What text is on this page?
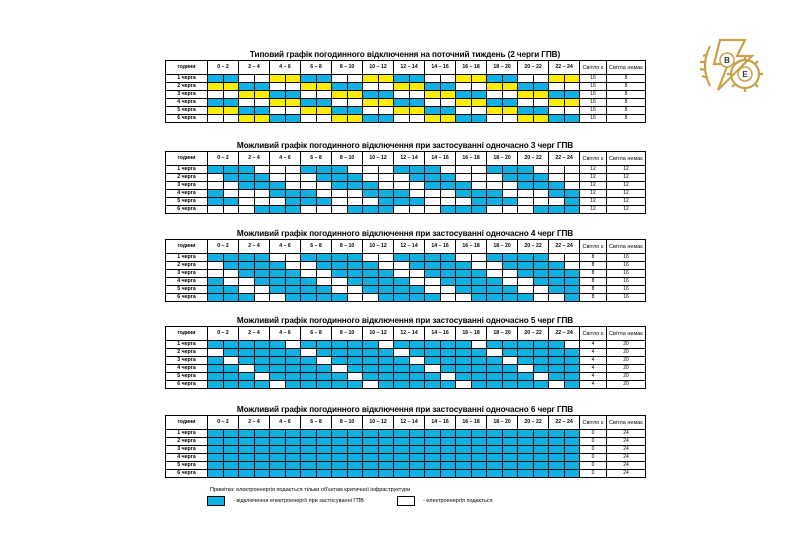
В
Е
Типовий графік погодинного відключення на поточний тиждень (2 черги ГПВ)
години	0 – 2		2 – 4		4 – 6		6 – 8		8 – 10		10 – 12		12 – 14		14 – 16		16 – 18		18 – 20		20 – 22		22 – 24		Світло є	Світла немає
1 черга																									16	8
2 черга																									16	8
3 черга																									16	8
4 черга																									16	8
5 черга																									16	8
6 черга																									16	8
Можливий графік погодинного відключення при застосуванні одночасно 3 черг ГПВ
години	0 – 2		2 – 4		4 – 6		6 – 8		8 – 10		10 – 12		12 – 14		14 – 16		16 – 18		18 – 20		20 – 22		22 – 24		Світло є	Світла немає
1 черга																									12	12
2 черга																									12	12
3 черга																									12	12
4 черга																									12	12
5 черга																									12	12
6 черга																									12	12
Можливий графік погодинного відключення при застосуванні одночасно 4 черг ГПВ
години	0 – 2		2 – 4		4 – 6		6 – 8		8 – 10		10 – 12		12 – 14		14 – 16		16 – 18		18 – 20		20 – 22		22 – 24		Світло є	Світла немає
1 черга																									8	16
2 черга																									8	16
3 черга																									8	16
4 черга																									8	16
5 черга																									8	16
6 черга																									8	16
Можливий графік погодинного відключення при застосуванні одночасно 5 черг ГПВ
години	0 – 2		2 – 4		4 – 6		6 – 8		8 – 10		10 – 12		12 – 14		14 – 16		16 – 18		18 – 20		20 – 22		22 – 24		Світло є	Світла немає
1 черга																									4	20
2 черга																									4	20
3 черга																									4	20
4 черга																									4	20
5 черга																									4	20
6 черга																									4	20
Можливий графік погодинного відключення при застосуванні одночасно 6 черг ГПВ
години	0 – 2		2 – 4		4 – 6		6 – 8		8 – 10		10 – 12		12 – 14		14 – 16		16 – 18		18 – 20		20 – 22		22 – 24		Світло є	Світла немає
1 черга																									0	24
2 черга																									0	24
3 черга																									0	24
4 черга																									0	24
5 черга																									0	24
6 черга																									0	24
Примітка: електроенергія подається тільки об'єктам критичної інфраструктури
- відключення електроенергії при застосуванні ГПВ	- електроенергія подається
